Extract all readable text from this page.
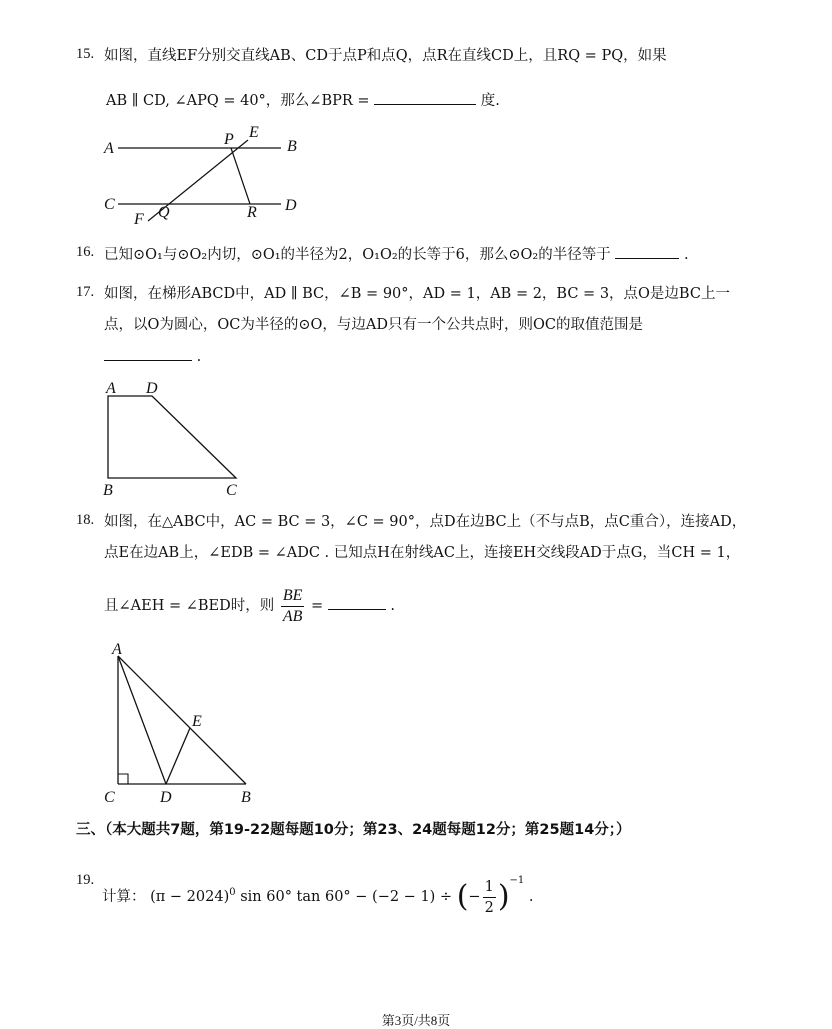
15. 如图，直线EF分别交直线AB、CD于点P和点Q，点R在直线CD上，且RQ = PQ，如果
AB ∥ CD, ∠APQ = 40°，那么∠BPR =	度.
A	B
C	D
E
F
P
Q	R
16. 已知⊙O₁与⊙O₂内切，⊙O₁的半径为2，O₁O₂的长等于6，那么⊙O₂的半径等于	.
17. 如图，在梯形ABCD中，AD ∥ BC，∠B = 90°，AD = 1，AB = 2，BC = 3，点O是边BC上一
点，以O为圆心，OC为半径的⊙O，与边AD只有一个公共点时，则OC的取值范围是
.
A D
B	C
18. 如图，在△ABC中，AC = BC = 3，∠C = 90°，点D在边BC上（不与点B，点C重合），连接AD，
点E在边AB上，∠EDB = ∠ADC . 已知点H在射线AC上，连接EH交线段AD于点G，当CH = 1，
且∠AEH = ∠BED时，则 $\frac{BE}{AB}$ =	.
A
C	D	B
E
三、（本大题共7题，第19-22题每题10分；第23、24题每题12分；第25题14分；）
19.
计算： $(\pi - 2024)^0$ sin 60° tan 60° − (−2 − 1) ÷ (− $\frac{1}{2} )^{-1}$ .
第3页/共8页
